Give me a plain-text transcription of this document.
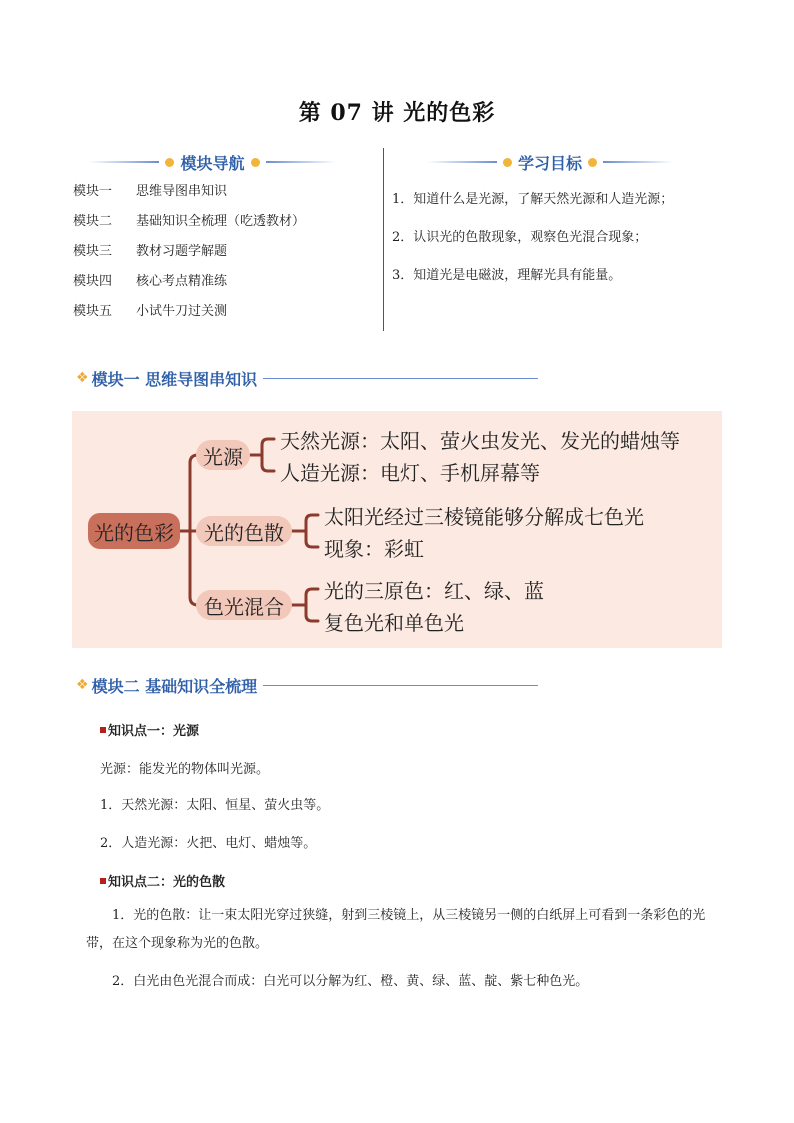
第 07 讲 光的色彩
模块导航
模块一	思维导图串知识
模块二	基础知识全梳理（吃透教材）
模块三	教材习题学解题
模块四	核心考点精准练
模块五	小试牛刀过关测
学习目标
1．知道什么是光源，了解天然光源和人造光源；
2．认识光的色散现象，观察色光混合现象；
3．知道光是电磁波，理解光具有能量。
❖ 模块一 思维导图串知识
光的色彩
光源
光的色散
色光混合
天然光源：太阳、萤火虫发光、发光的蜡烛等
人造光源：电灯、手机屏幕等
太阳光经过三棱镜能够分解成七色光
现象：彩虹
光的三原色：红、绿、蓝
复色光和单色光
❖ 模块二 基础知识全梳理
知识点一：光源
光源：能发光的物体叫光源。
1．天然光源：太阳、恒星、萤火虫等。
2．人造光源：火把、电灯、蜡烛等。
知识点二：光的色散
1．光的色散：让一束太阳光穿过狭缝，射到三棱镜上，从三棱镜另一侧的白纸屏上可看到一条彩色的光带，在这个现象称为光的色散。
2．白光由色光混合而成：白光可以分解为红、橙、黄、绿、蓝、靛、紫七种色光。
